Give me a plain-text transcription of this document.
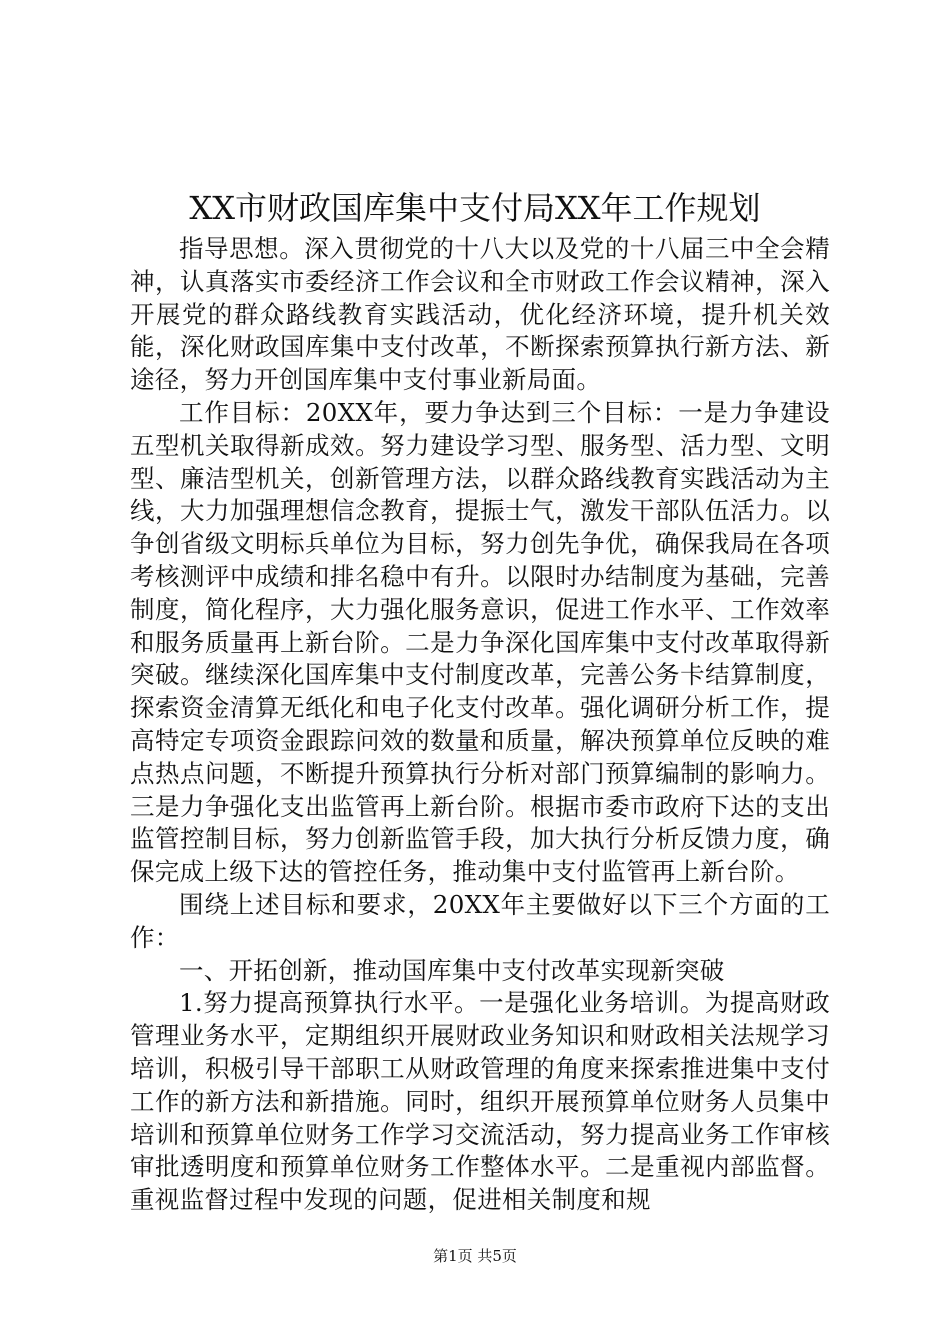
XX市财政国库集中支付局XX年工作规划

指导思想。深入贯彻党的十八大以及党的十八届三中全会精神，认真落实市委经济工作会议和全市财政工作会议精神，深入开展党的群众路线教育实践活动，优化经济环境，提升机关效能，深化财政国库集中支付改革，不断探索预算执行新方法、新途径，努力开创国库集中支付事业新局面。

工作目标：20XX年，要力争达到三个目标：一是力争建设五型机关取得新成效。努力建设学习型、服务型、活力型、文明型、廉洁型机关，创新管理方法，以群众路线教育实践活动为主线，大力加强理想信念教育，提振士气，激发干部队伍活力。以争创省级文明标兵单位为目标，努力创先争优，确保我局在各项考核测评中成绩和排名稳中有升。以限时办结制度为基础，完善制度，简化程序，大力强化服务意识，促进工作水平、工作效率和服务质量再上新台阶。二是力争深化国库集中支付改革取得新突破。继续深化国库集中支付制度改革，完善公务卡结算制度，探索资金清算无纸化和电子化支付改革。强化调研分析工作，提高特定专项资金跟踪问效的数量和质量，解决预算单位反映的难点热点问题，不断提升预算执行分析对部门预算编制的影响力。三是力争强化支出监管再上新台阶。根据市委市政府下达的支出监管控制目标，努力创新监管手段，加大执行分析反馈力度，确保完成上级下达的管控任务，推动集中支付监管再上新台阶。

围绕上述目标和要求，20XX年主要做好以下三个方面的工作：

一、开拓创新，推动国库集中支付改革实现新突破

1.努力提高预算执行水平。一是强化业务培训。为提高财政管理业务水平，定期组织开展财政业务知识和财政相关法规学习培训，积极引导干部职工从财政管理的角度来探索推进集中支付工作的新方法和新措施。同时，组织开展预算单位财务人员集中培训和预算单位财务工作学习交流活动，努力提高业务工作审核审批透明度和预算单位财务工作整体水平。二是重视内部监督。重视监督过程中发现的问题，促进相关制度和规

第1页 共5页
